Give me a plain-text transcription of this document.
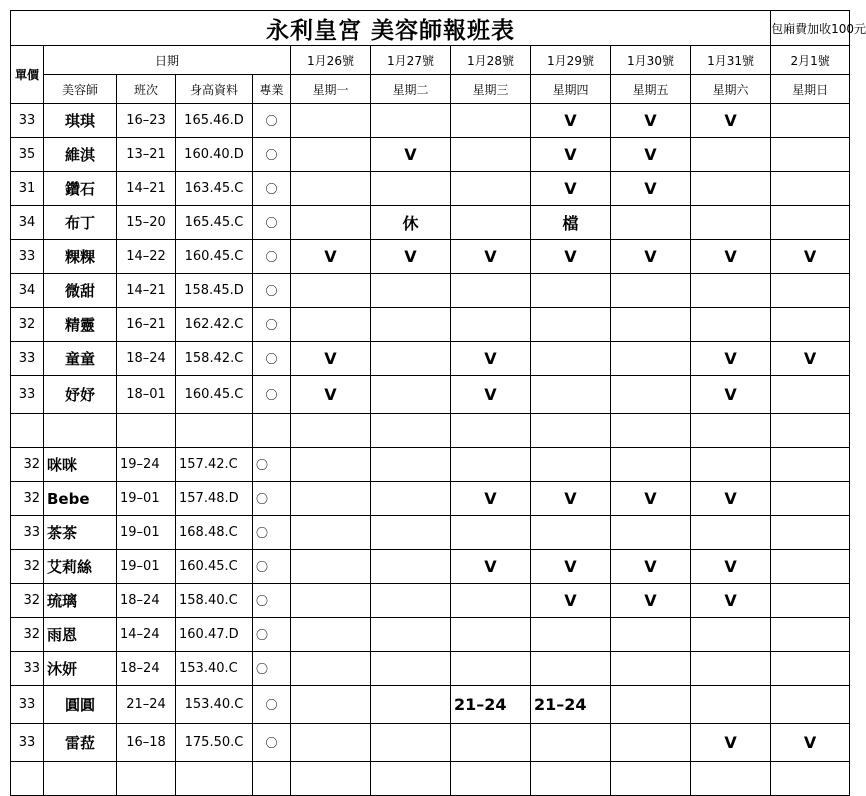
永利皇宮 美容師報班表											包廂費加收100元
單價	日期				1月26號	1月27號	1月28號	1月29號	1月30號	1月31號	2月1號
	美容師	班次	身高資料	專業	星期一	星期二	星期三	星期四	星期五	星期六	星期日
33	琪琪	16–23	165.46.D	〇				V	V	V	
35	維淇	13–21	160.40.D	〇		V		V	V		
31	鑽石	14–21	163.45.C	〇				V	V		
34	布丁	15–20	165.45.C	〇		休		檔			
33	粿粿	14–22	160.45.C	〇	V	V	V	V	V	V	V
34	微甜	14–21	158.45.D	〇							
32	精靈	16–21	162.42.C	〇							
33	童童	18–24	158.42.C	〇	V		V			V	V
33	妤妤	18–01	160.45.C	〇	V		V			V	

32	咪咪	19–24	157.42.C	〇							
32	Bebe	19–01	157.48.D	〇			V	V	V	V	
33	茶茶	19–01	168.48.C	〇							
32	艾莉絲	19–01	160.45.C	〇			V	V	V	V	
32	琉璃	18–24	158.40.C	〇				V	V	V	
32	雨恩	14–24	160.47.D	〇							
33	沐妍	18–24	153.40.C	〇							
33	圓圓	21–24	153.40.C	〇			21–24	21–24			
33	雷菈	16–18	175.50.C	〇						V	V
